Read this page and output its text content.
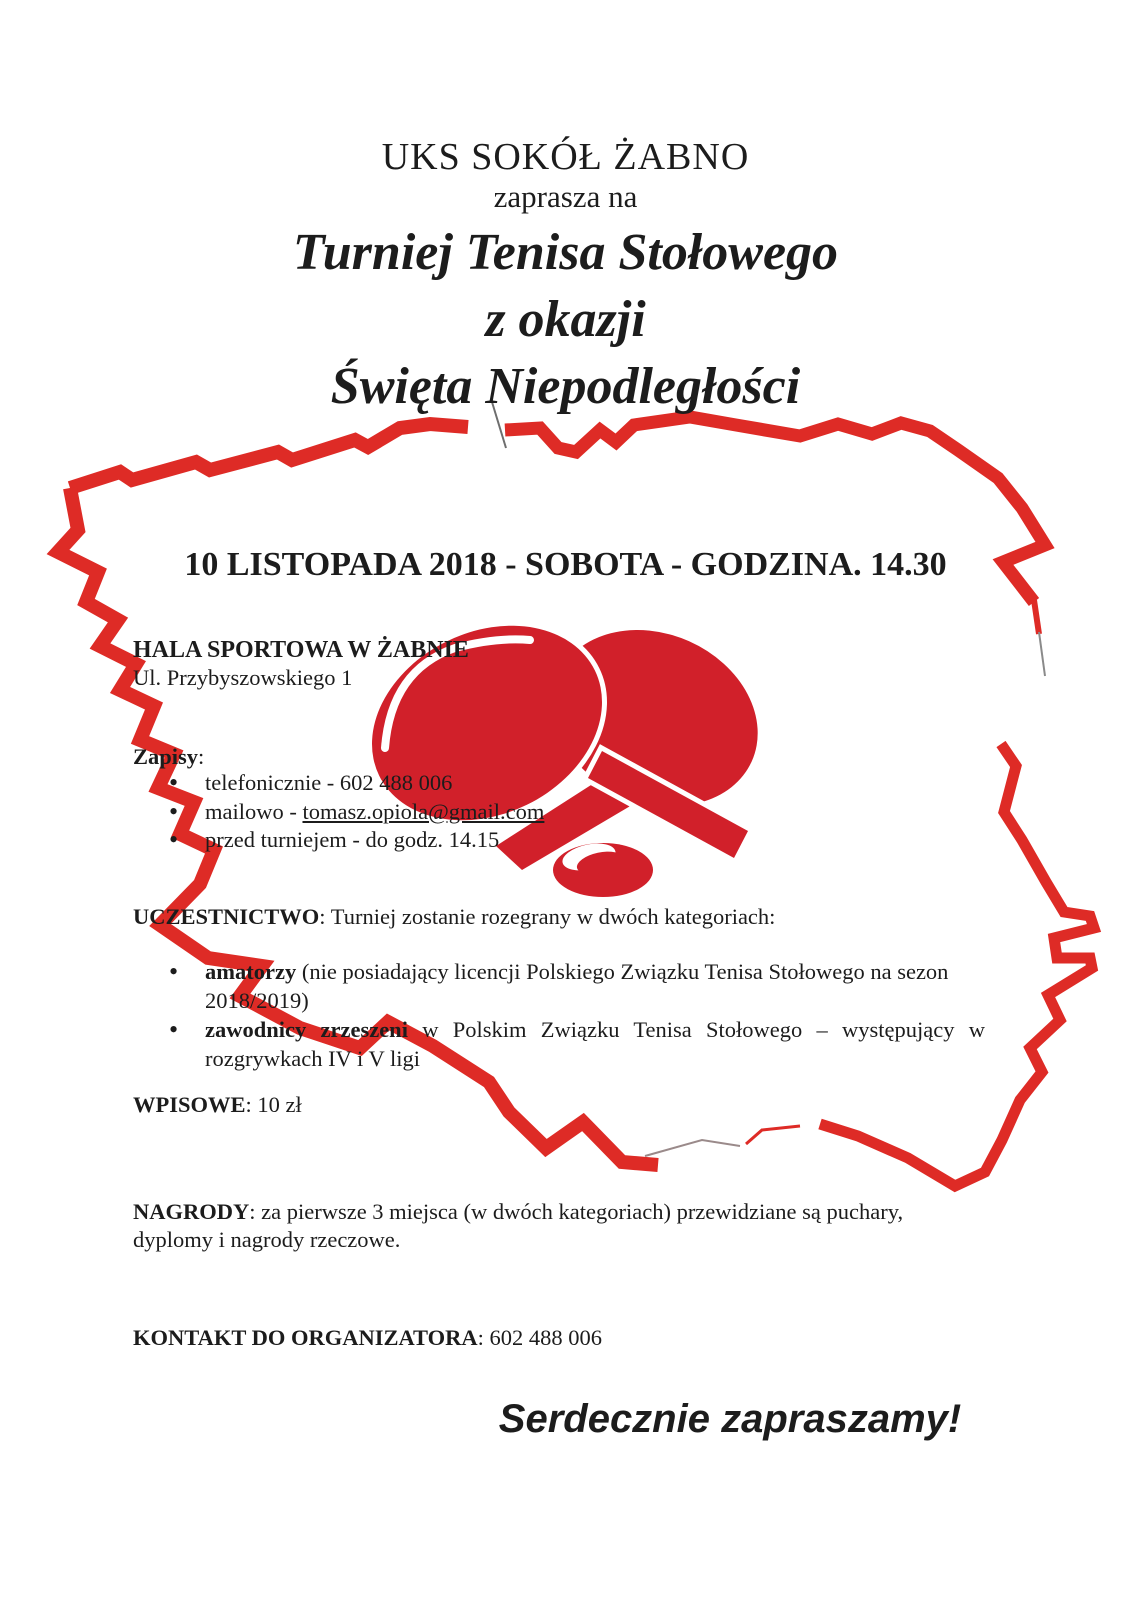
UKS SOKÓŁ ŻABNO
zaprasza na
Turniej Tenisa Stołowego
z okazji
Święta Niepodległości
10 LISTOPADA 2018 - SOBOTA - GODZINA. 14.30
HALA SPORTOWA W ŻABNIE
Ul. Przybyszowskiego 1
Zapisy:
• telefonicznie - 602 488 006
• mailowo - tomasz.opiola@gmail.com
• przed turniejem - do godz. 14.15
UCZESTNICTWO: Turniej zostanie rozegrany w dwóch kategoriach:
• amatorzy (nie posiadający licencji Polskiego Związku Tenisa Stołowego na sezon
2018/2019)
• zawodnicy zrzeszeni w Polskim Związku Tenisa Stołowego – występujący w
rozgrywkach IV i V ligi
WPISOWE: 10 zł
NAGRODY: za pierwsze 3 miejsca (w dwóch kategoriach) przewidziane są puchary,
dyplomy i nagrody rzeczowe.
KONTAKT DO ORGANIZATORA: 602 488 006
Serdecznie zapraszamy!
